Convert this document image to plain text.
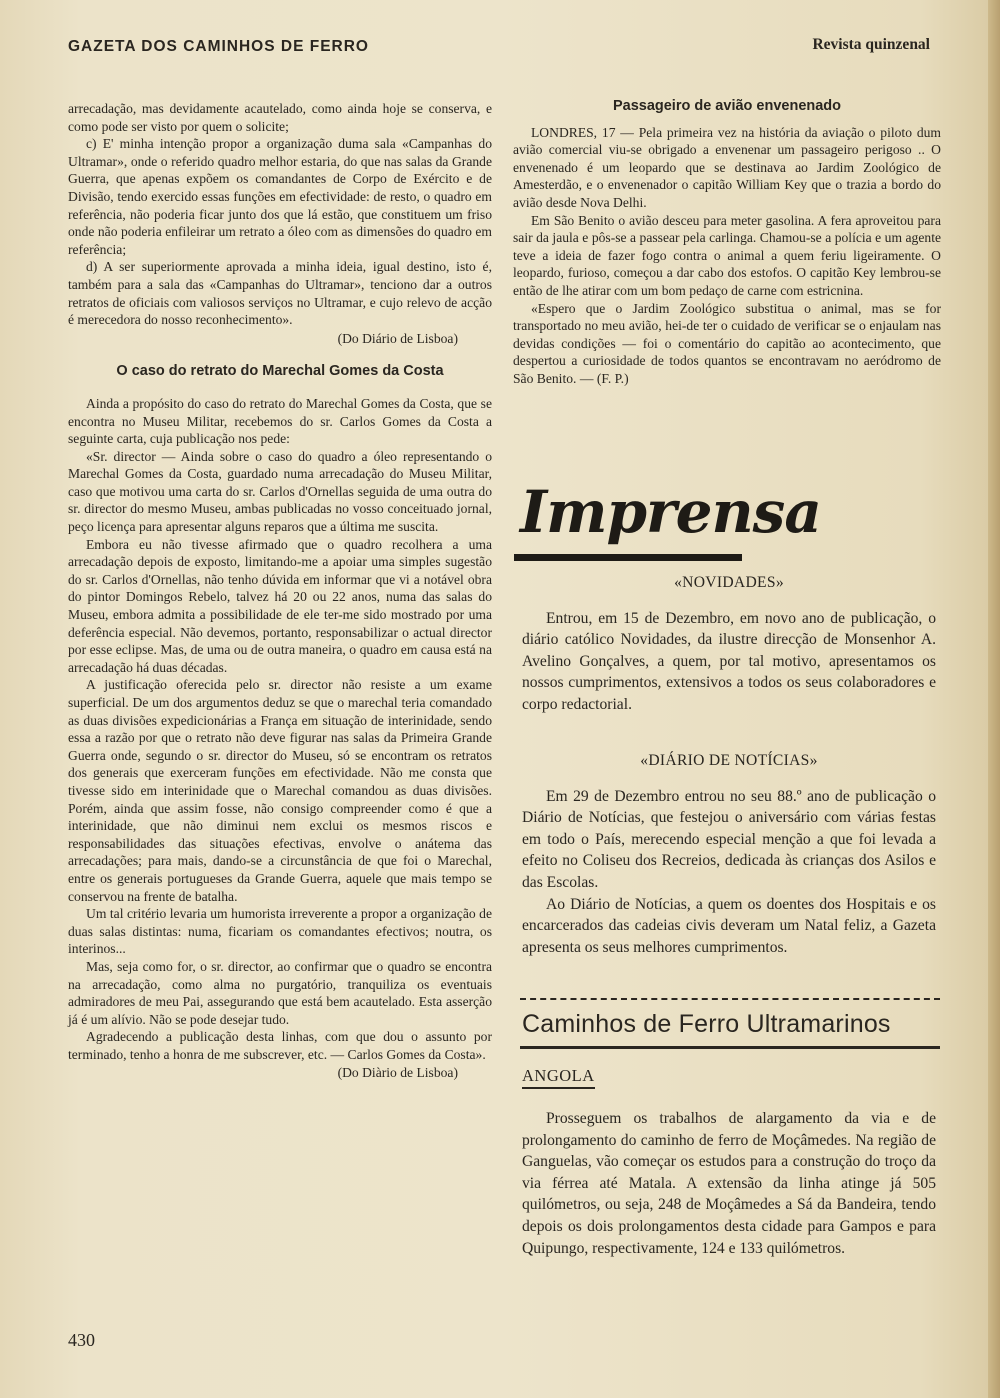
GAZETA DOS CAMINHOS DE FERRO	Revista quinzenal

arrecadação, mas devidamente acautelado, como ainda hoje se conserva, e como pode ser visto por quem o solicite;

c) E' minha intenção propor a organização duma sala «Campanhas do Ultramar», onde o referido quadro melhor estaria, do que nas salas da Grande Guerra, que apenas expõem os comandantes de Corpo de Exército e de Divisão, tendo exercido essas funções em efectividade: de resto, o quadro em referência, não poderia ficar junto dos que lá estão, que constituem um friso onde não poderia enfileirar um retrato a óleo com as dimensões do quadro em referência;

d) A ser superiormente aprovada a minha ideia, igual destino, isto é, também para a sala das «Campanhas do Ultramar», tenciono dar a outros retratos de oficiais com valiosos serviços no Ultramar, e cujo relevo de acção é merecedora do nosso reconhecimento».

(Do Diário de Lisboa)

O caso do retrato do Marechal Gomes da Costa

Ainda a propósito do caso do retrato do Marechal Gomes da Costa, que se encontra no Museu Militar, recebemos do sr. Carlos Gomes da Costa a seguinte carta, cuja publicação nos pede:

«Sr. director — Ainda sobre o caso do quadro a óleo representando o Marechal Gomes da Costa, guardado numa arrecadação do Museu Militar, caso que motivou uma carta do sr. Carlos d'Ornellas seguida de uma outra do sr. director do mesmo Museu, ambas publicadas no vosso conceituado jornal, peço licença para apresentar alguns reparos que a última me suscita.

Embora eu não tivesse afirmado que o quadro recolhera a uma arrecadação depois de exposto, limitando-me a apoiar uma simples sugestão do sr. Carlos d'Ornellas, não tenho dúvida em informar que vi a notável obra do pintor Domingos Rebelo, talvez há 20 ou 22 anos, numa das salas do Museu, embora admita a possibilidade de ele ter-me sido mostrado por uma deferência especial. Não devemos, portanto, responsabilizar o actual director por esse eclipse. Mas, de uma ou de outra maneira, o quadro em causa está na arrecadação há duas décadas.

A justificação oferecida pelo sr. director não resiste a um exame superficial. De um dos argumentos deduz se que o marechal teria comandado as duas divisões expedicionárias a França em situação de interinidade, sendo essa a razão por que o retrato não deve figurar nas salas da Primeira Grande Guerra onde, segundo o sr. director do Museu, só se encontram os retratos dos generais que exerceram funções em efectividade. Não me consta que tivesse sido em interinidade que o Marechal comandou as duas divisões. Porém, ainda que assim fosse, não consigo compreender como é que a interinidade, que não diminui nem exclui os mesmos riscos e responsabilidades das situações efectivas, envolve o anátema das arrecadações; para mais, dando-se a circunstância de que foi o Marechal, entre os generais portugueses da Grande Guerra, aquele que mais tempo se conservou na frente de batalha.

Um tal critério levaria um humorista irreverente a propor a organização de duas salas distintas: numa, ficariam os comandantes efectivos; noutra, os interinos...

Mas, seja como for, o sr. director, ao confirmar que o quadro se encontra na arrecadação, como alma no purgatório, tranquiliza os eventuais admiradores de meu Pai, assegurando que está bem acautelado. Esta asserção já é um alívio. Não se pode desejar tudo.

Agradecendo a publicação desta linhas, com que dou o assunto por terminado, tenho a honra de me subscrever, etc. — Carlos Gomes da Costa».

(Do Diàrio de Lisboa)

Passageiro de avião envenenado

LONDRES, 17 — Pela primeira vez na história da aviação o piloto dum avião comercial viu-se obrigado a envenenar um passageiro perigoso .. O envenenado é um leopardo que se destinava ao Jardim Zoológico de Amesterdão, e o envenenador o capitão William Key que o trazia a bordo do avião desde Nova Delhi.

Em São Benito o avião desceu para meter gasolina. A fera aproveitou para sair da jaula e pôs-se a passear pela carlinga. Chamou-se a polícia e um agente teve a ideia de fazer fogo contra o animal a quem feriu ligeiramente. O leopardo, furioso, começou a dar cabo dos estofos. O capitão Key lembrou-se então de lhe atirar com um bom pedaço de carne com estricnina.

«Espero que o Jardim Zoológico substitua o animal, mas se for transportado no meu avião, hei-de ter o cuidado de verificar se o enjaulam nas devidas condições — foi o comentário do capitão ao acontecimento, que despertou a curiosidade de todos quantos se encontravam no aeródromo de São Benito. — (F. P.)

Imprensa
«NOVIDADES»

Entrou, em 15 de Dezembro, em novo ano de publicação, o diário católico Novidades, da ilustre direcção de Monsenhor A. Avelino Gonçalves, a quem, por tal motivo, apresentamos os nossos cumprimentos, extensivos a todos os seus colaboradores e corpo redactorial.

«DIÁRIO DE NOTÍCIAS»

Em 29 de Dezembro entrou no seu 88.º ano de publicação o Diário de Notícias, que festejou o aniversário com várias festas em todo o País, merecendo especial menção a que foi levada a efeito no Coliseu dos Recreios, dedicada às crianças dos Asilos e das Escolas.

Ao Diário de Notícias, a quem os doentes dos Hospitais e os encarcerados das cadeias civis deveram um Natal feliz, a Gazeta apresenta os seus melhores cumprimentos.

Caminhos de Ferro Ultramarinos
ANGOLA

Prosseguem os trabalhos de alargamento da via e de prolongamento do caminho de ferro de Moçâmedes. Na região de Ganguelas, vão começar os estudos para a construção do troço da via férrea até Matala. A extensão da linha atinge já 505 quilómetros, ou seja, 248 de Moçâmedes a Sá da Bandeira, tendo depois os dois prolongamentos desta cidade para Gampos e para Quipungo, respectivamente, 124 e 133 quilómetros.

430
